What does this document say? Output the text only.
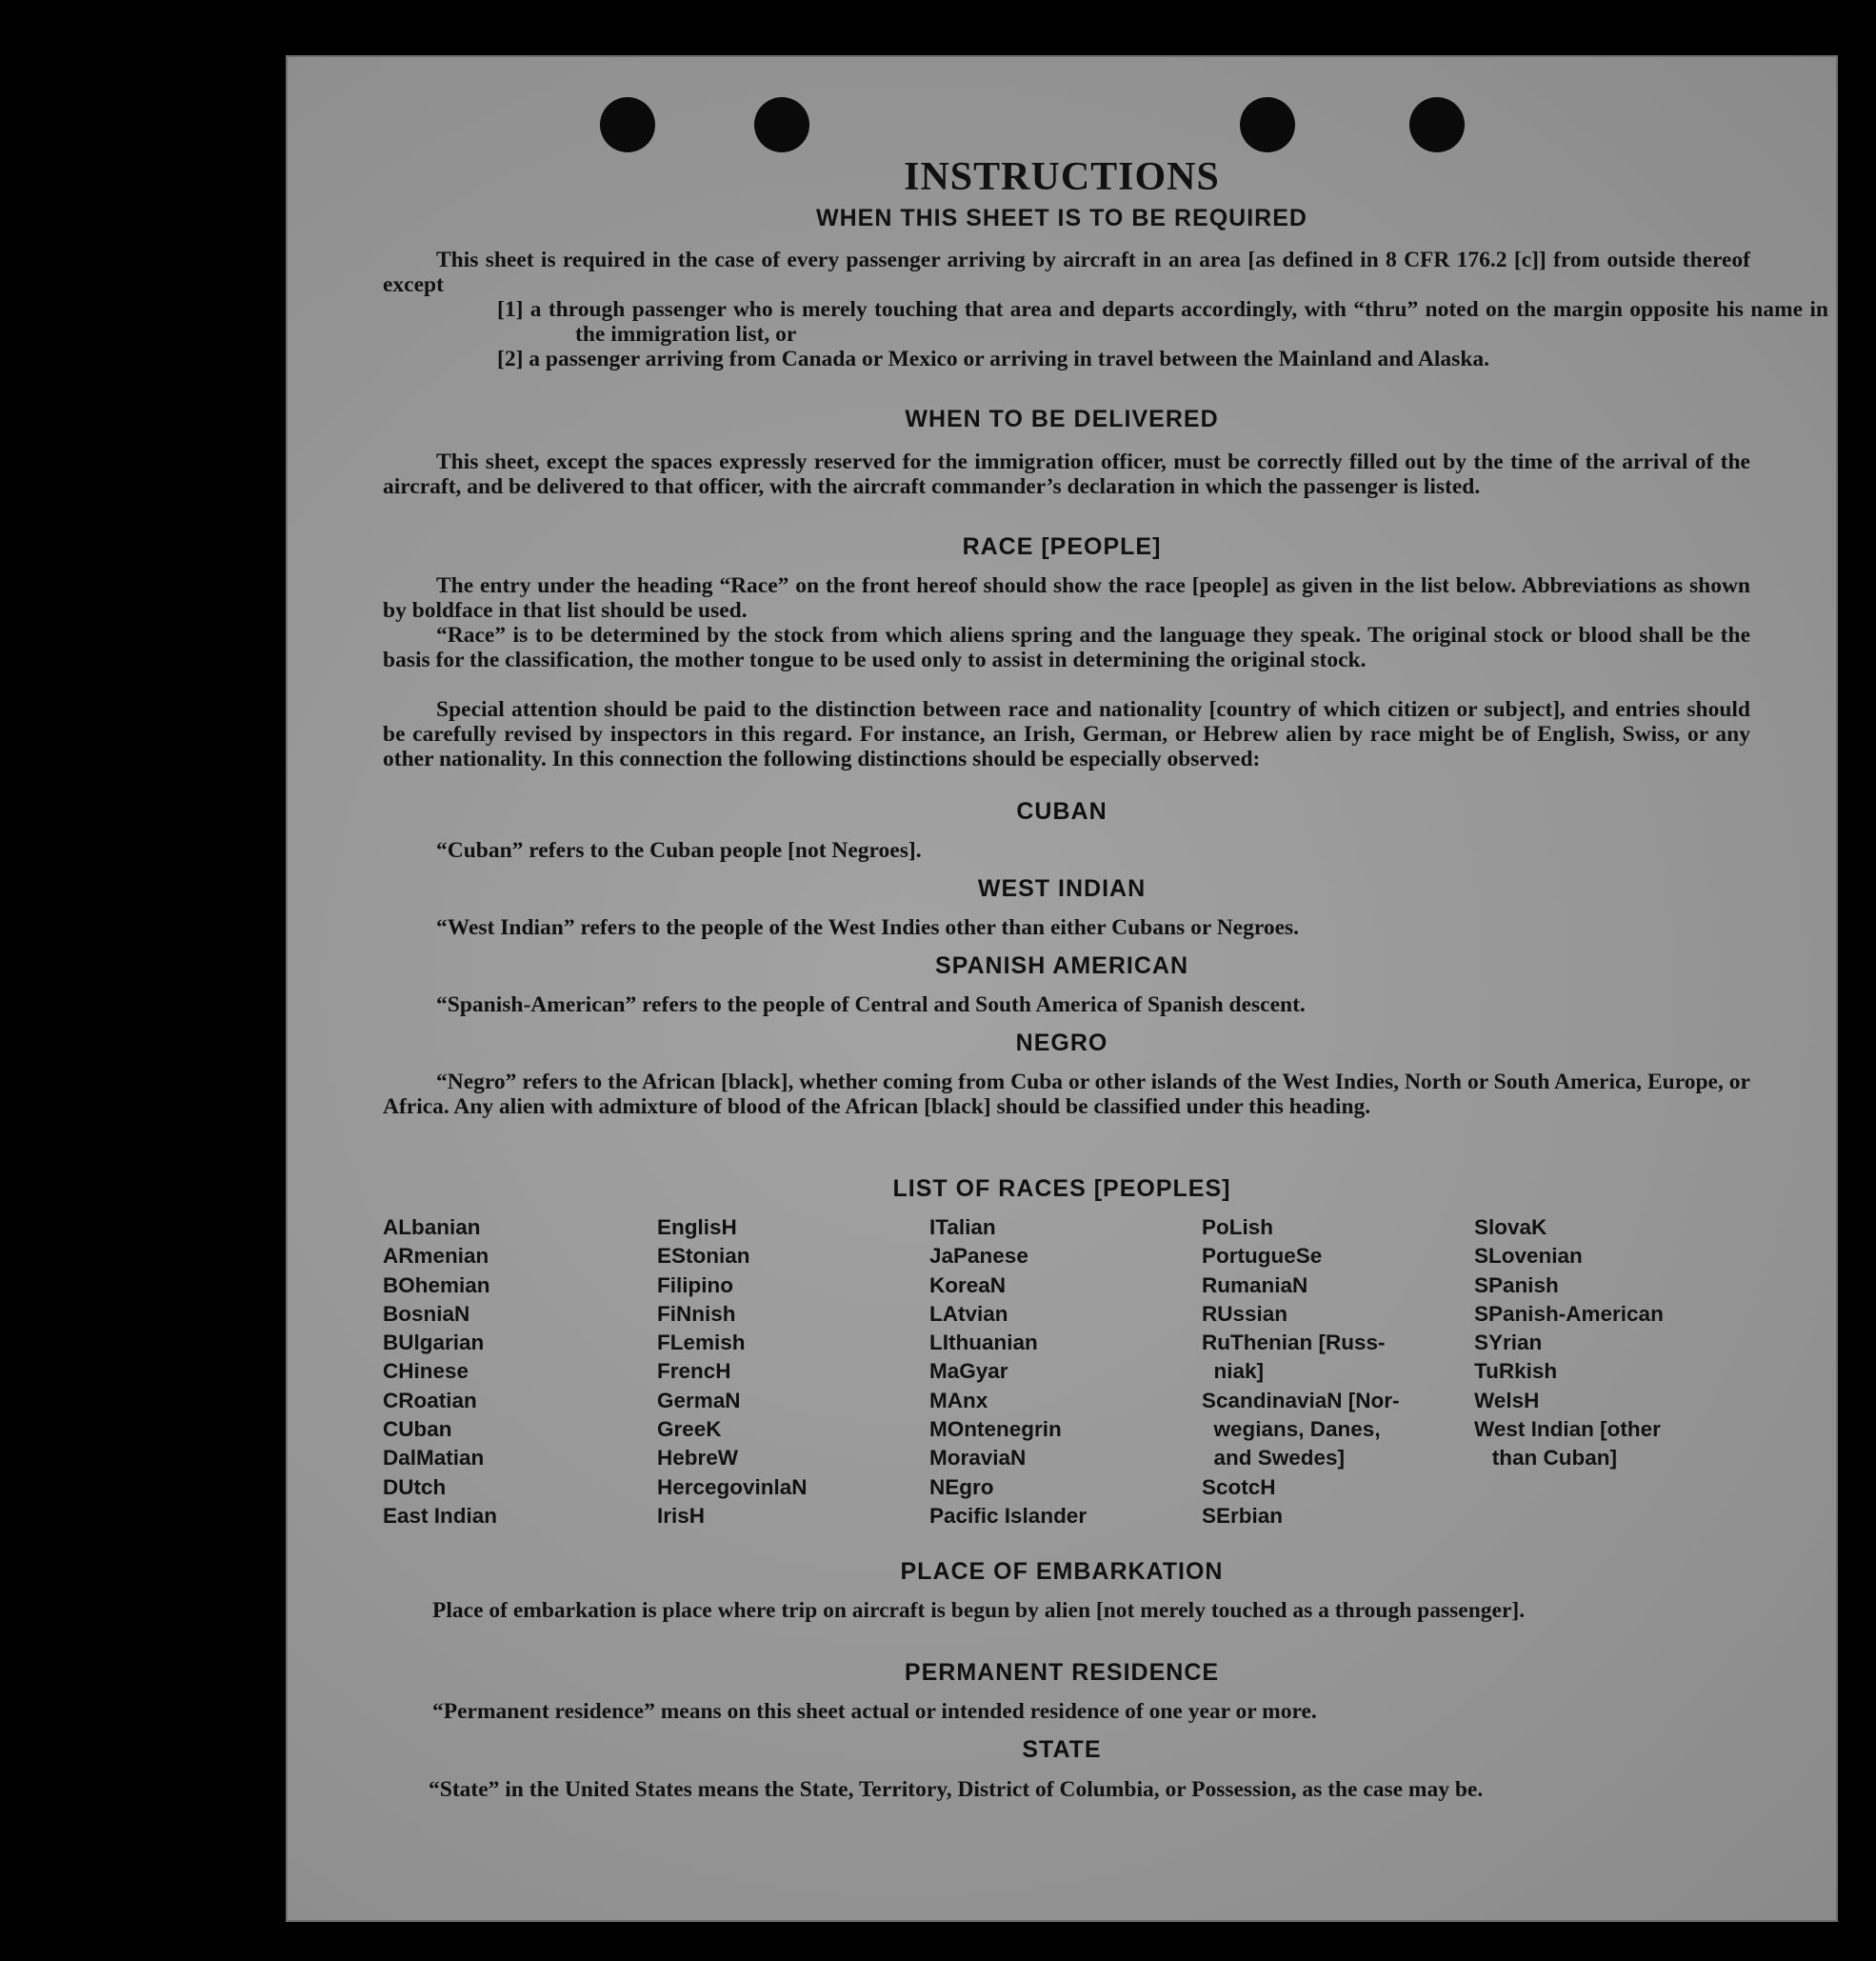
INSTRUCTIONS
WHEN THIS SHEET IS TO BE REQUIRED
This sheet is required in the case of every passenger arriving by aircraft in an area [as defined in 8 CFR 176.2 [c]] from outside thereof except
[1] a through passenger who is merely touching that area and departs accordingly, with “thru” noted on the margin opposite his name in the immigration list, or
[2] a passenger arriving from Canada or Mexico or arriving in travel between the Mainland and Alaska.
WHEN TO BE DELIVERED
This sheet, except the spaces expressly reserved for the immigration officer, must be correctly filled out by the time of the arrival of the aircraft, and be delivered to that officer, with the aircraft commander’s declaration in which the passenger is listed.
RACE [PEOPLE]
The entry under the heading “Race” on the front hereof should show the race [people] as given in the list below. Abbreviations as shown by boldface in that list should be used.
“Race” is to be determined by the stock from which aliens spring and the language they speak. The original stock or blood shall be the basis for the classification, the mother tongue to be used only to assist in determining the original stock.
Special attention should be paid to the distinction between race and nationality [country of which citizen or subject], and entries should be carefully revised by inspectors in this regard. For instance, an Irish, German, or Hebrew alien by race might be of English, Swiss, or any other nationality. In this connection the following distinctions should be especially observed:
CUBAN
“Cuban” refers to the Cuban people [not Negroes].
WEST INDIAN
“West Indian” refers to the people of the West Indies other than either Cubans or Negroes.
SPANISH AMERICAN
“Spanish-American” refers to the people of Central and South America of Spanish descent.
NEGRO
“Negro” refers to the African [black], whether coming from Cuba or other islands of the West Indies, North or South America, Europe, or Africa. Any alien with admixture of blood of the African [black] should be classified under this heading.
LIST OF RACES [PEOPLES]
ALbanian
ARmenian
BOhemian
BosniaN
BUlgarian
CHinese
CRoatian
CUban
DalMatian
DUtch
East Indian
EnglisH
EStonian
Filipino
FiNnish
FLemish
FrencH
GermaN
GreeK
HebreW
HercegovinlaN
IrisH
ITalian
JaPanese
KoreaN
LAtvian
LIthuanian
MaGyar
MAnx
MOntenegrin
MoraviaN
NEgro
Pacific Islander
PoLish
PortugueSe
RumaniaN
RUssian
RuThenian [Russ-
niak]
ScandinaviaN [Nor-
wegians, Danes,
and Swedes]
ScotcH
SErbian
SlovaK
SLovenian
SPanish
SPanish-American
SYrian
TuRkish
WelsH
West Indian [other
than Cuban]
PLACE OF EMBARKATION
Place of embarkation is place where trip on aircraft is begun by alien [not merely touched as a through passenger].
PERMANENT RESIDENCE
“Permanent residence” means on this sheet actual or intended residence of one year or more.
STATE
“State” in the United States means the State, Territory, District of Columbia, or Possession, as the case may be.
